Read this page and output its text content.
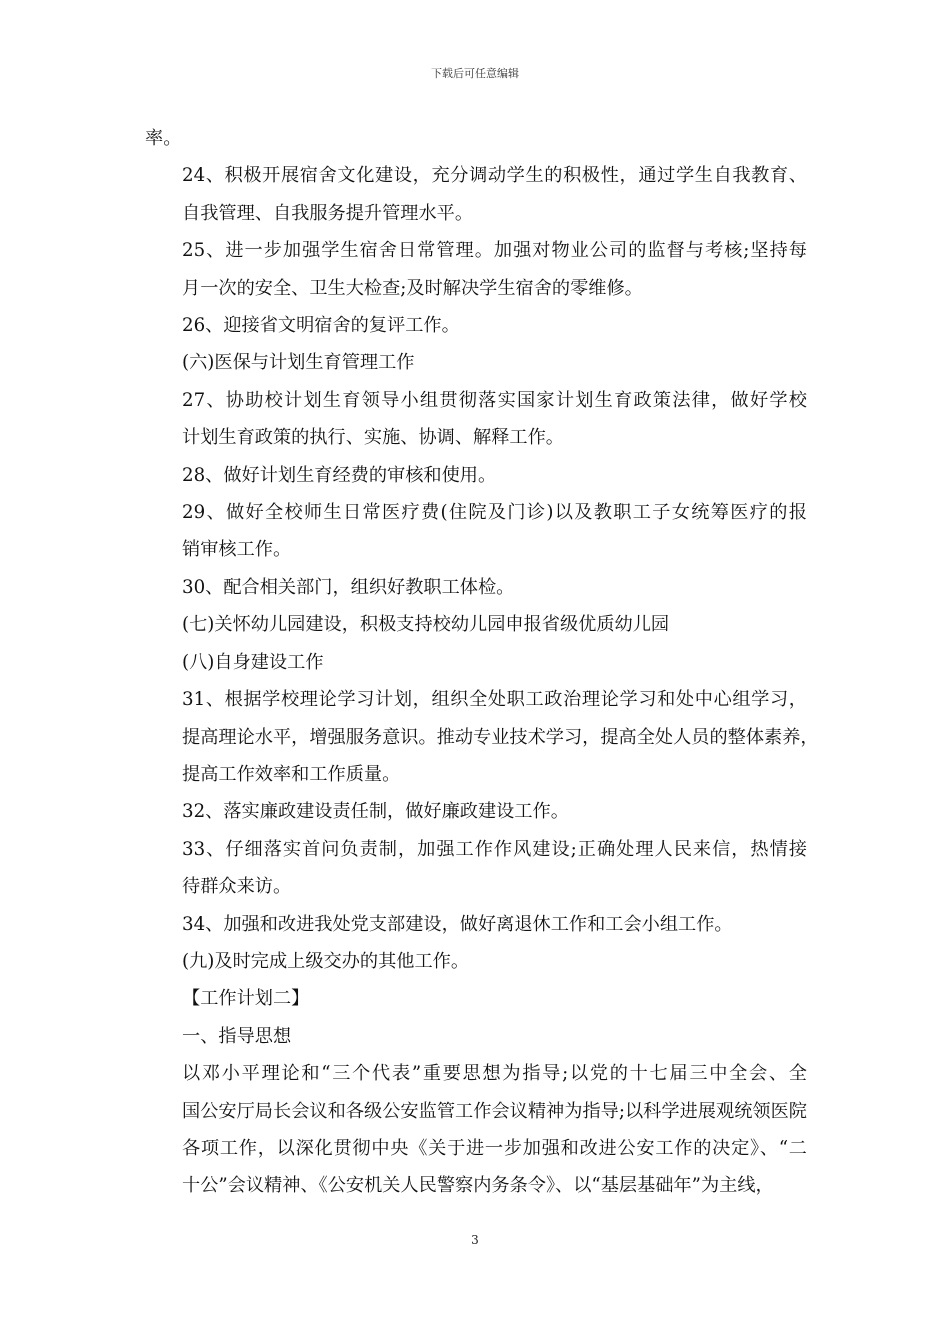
下载后可任意编辑

率。

24、积极开展宿舍文化建设，充分调动学生的积极性，通过学生自我教育、
自我管理、自我服务提升管理水平。

25、进一步加强学生宿舍日常管理。加强对物业公司的监督与考核;坚持每
月一次的安全、卫生大检查;及时解决学生宿舍的零维修。

26、迎接省文明宿舍的复评工作。

(六)医保与计划生育管理工作

27、协助校计划生育领导小组贯彻落实国家计划生育政策法律，做好学校
计划生育政策的执行、实施、协调、解释工作。

28、做好计划生育经费的审核和使用。

29、做好全校师生日常医疗费(住院及门诊)以及教职工子女统筹医疗的报
销审核工作。

30、配合相关部门，组织好教职工体检。

(七)关怀幼儿园建设，积极支持校幼儿园申报省级优质幼儿园

(八)自身建设工作

31、根据学校理论学习计划，组织全处职工政治理论学习和处中心组学习，
提高理论水平，增强服务意识。推动专业技术学习，提高全处人员的整体素养，
提高工作效率和工作质量。

32、落实廉政建设责任制，做好廉政建设工作。

33、仔细落实首问负责制，加强工作作风建设;正确处理人民来信，热情接
待群众来访。

34、加强和改进我处党支部建设，做好离退休工作和工会小组工作。

(九)及时完成上级交办的其他工作。

【工作计划二】

一、指导思想

以邓小平理论和“三个代表”重要思想为指导;以党的十七届三中全会、全
国公安厅局长会议和各级公安监管工作会议精神为指导;以科学进展观统领医院
各项工作，以深化贯彻中央《关于进一步加强和改进公安工作的决定》、“二
十公”会议精神、《公安机关人民警察内务条令》、以“基层基础年”为主线，

3
